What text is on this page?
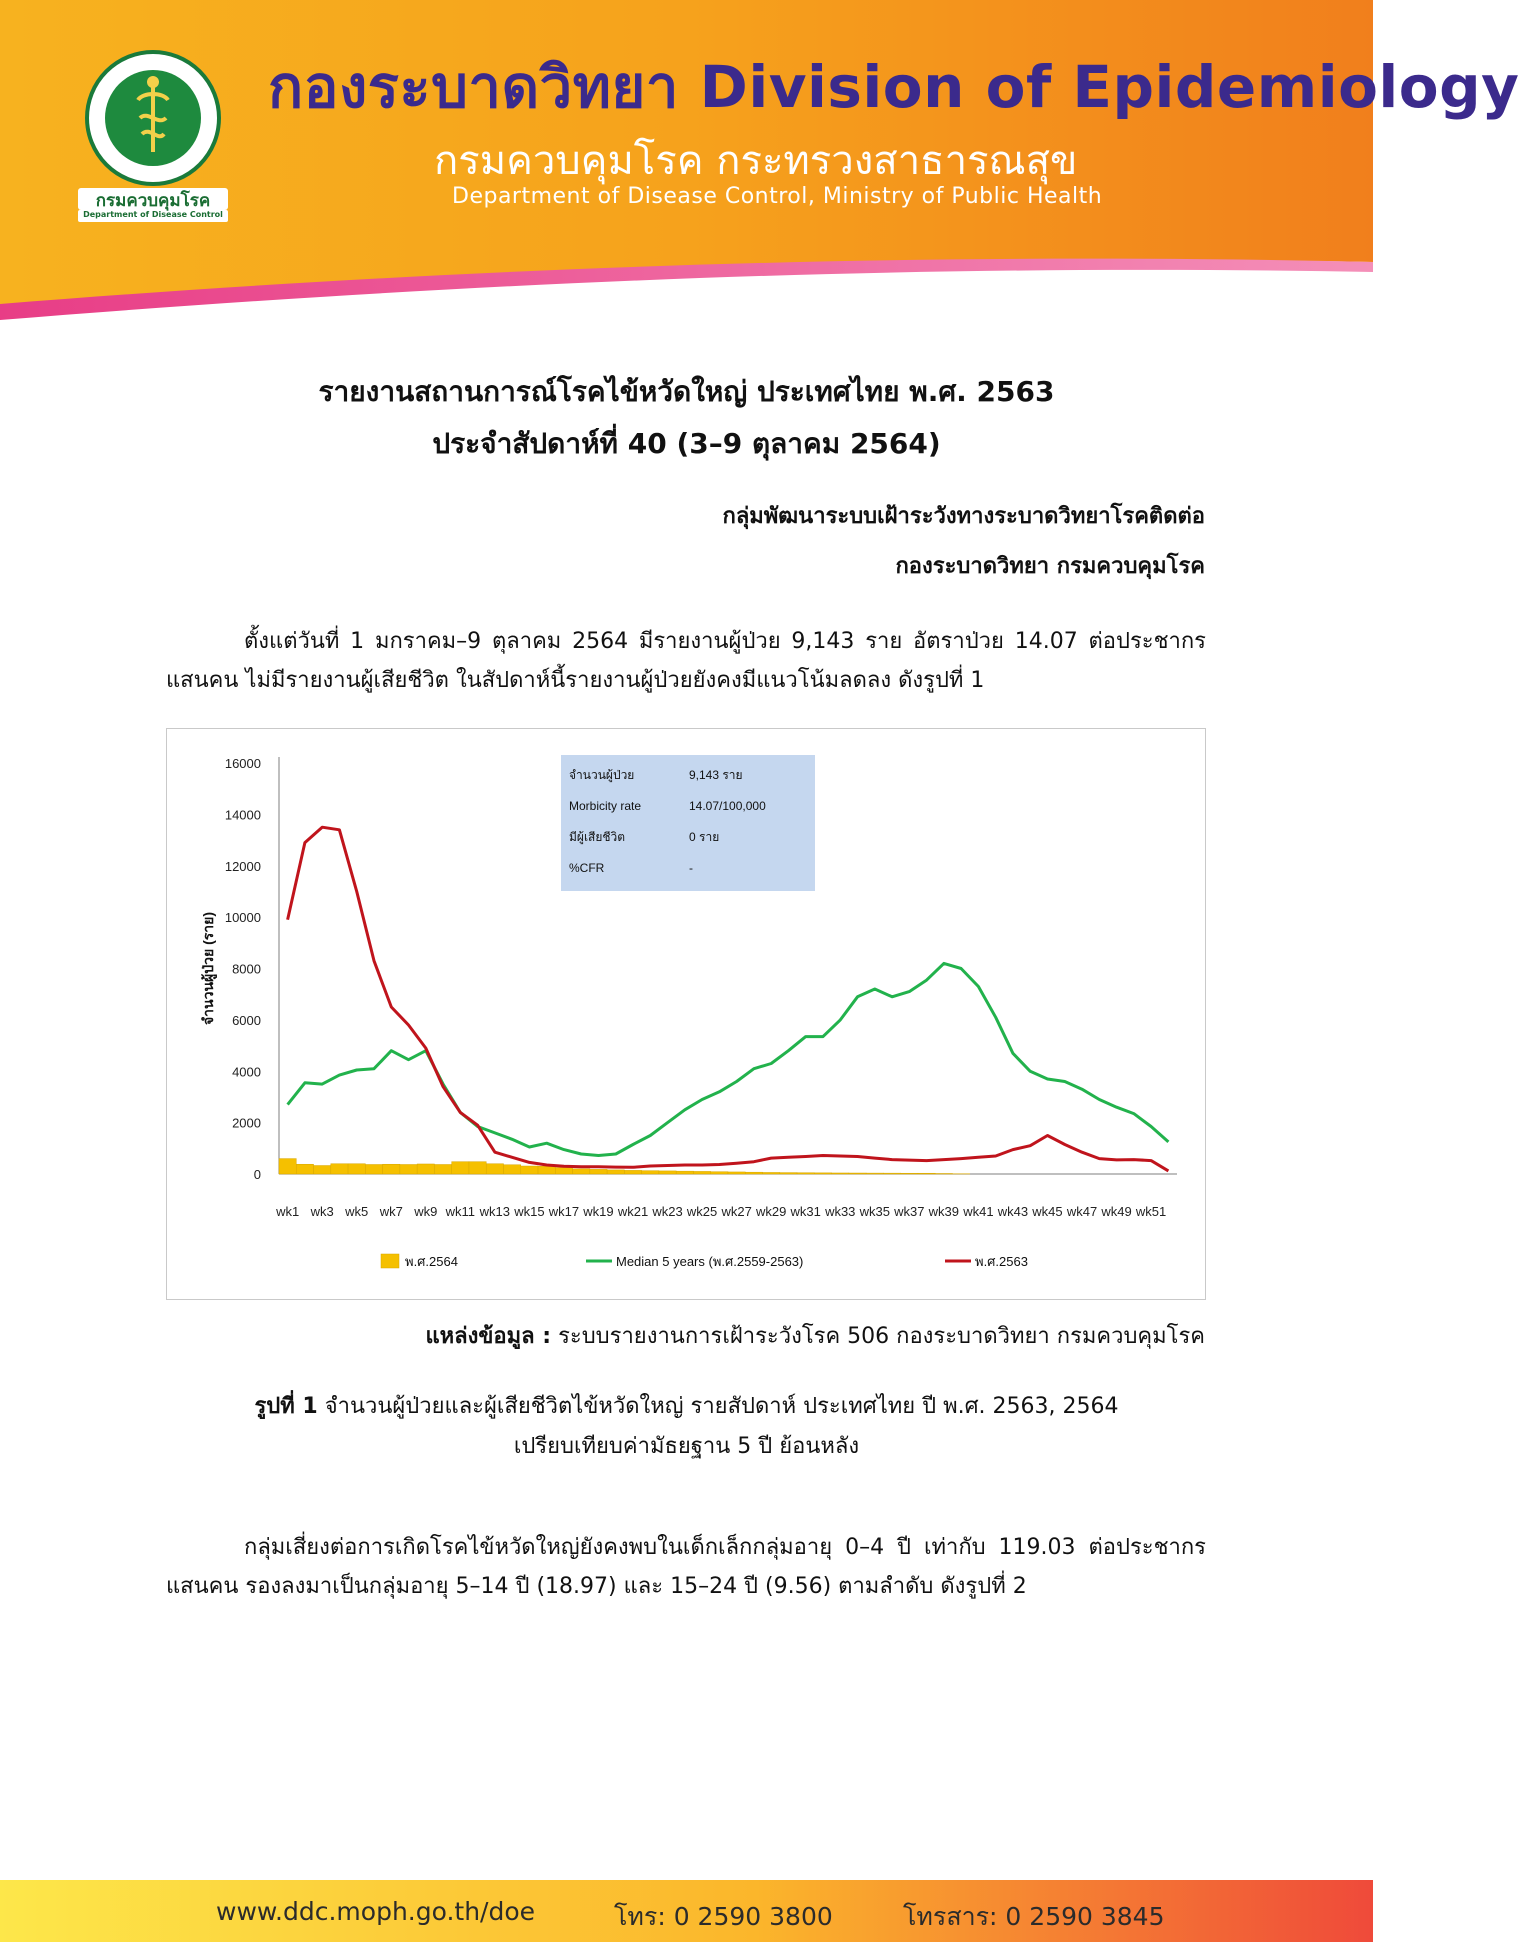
กรมควบคุมโรค
Department of Disease Control
กองระบาดวิทยา Division of Epidemiology
กรมควบคุมโรค กระทรวงสาธารณสุข
Department of Disease Control, Ministry of Public Health
รายงานสถานการณ์โรคไข้หวัดใหญ่ ประเทศไทย พ.ศ. 2563
ประจำสัปดาห์ที่ 40 (3–9 ตุลาคม 2564)
กลุ่มพัฒนาระบบเฝ้าระวังทางระบาดวิทยาโรคติดต่อ
กองระบาดวิทยา กรมควบคุมโรค
ตั้งแต่วันที่ 1 มกราคม–9 ตุลาคม 2564 มีรายงานผู้ป่วย 9,143 ราย อัตราป่วย 14.07 ต่อประชากรแสนคน ไม่มีรายงานผู้เสียชีวิต ในสัปดาห์นี้รายงานผู้ป่วยยังคงมีแนวโน้มลดลง ดังรูปที่ 1
16000
14000
12000
10000
8000
6000
4000
2000
0
จำนวนผู้ป่วย (ราย)
wk1 wk3 wk5 wk7 wk9 wk11 wk13 wk15 wk17 wk19 wk21 wk23 wk25 wk27 wk29 wk31 wk33 wk35 wk37 wk39 wk41 wk43 wk45 wk47 wk49 wk51
จำนวนผู้ป่วย	9,143 ราย
Morbicity rate	14.07/100,000
มีผู้เสียชีวิต	0 ราย
%CFR	-
พ.ศ.2564	Median 5 years (พ.ศ.2559-2563)	พ.ศ.2563
แหล่งข้อมูล : ระบบรายงานการเฝ้าระวังโรค 506 กองระบาดวิทยา กรมควบคุมโรค
รูปที่ 1 จำนวนผู้ป่วยและผู้เสียชีวิตไข้หวัดใหญ่ รายสัปดาห์ ประเทศไทย ปี พ.ศ. 2563, 2564
เปรียบเทียบค่ามัธยฐาน 5 ปี ย้อนหลัง
กลุ่มเสี่ยงต่อการเกิดโรคไข้หวัดใหญ่ยังคงพบในเด็กเล็กกลุ่มอายุ 0–4 ปี เท่ากับ 119.03 ต่อประชากรแสนคน รองลงมาเป็นกลุ่มอายุ 5–14 ปี (18.97) และ 15–24 ปี (9.56) ตามลำดับ ดังรูปที่ 2
www.ddc.moph.go.th/doe	โทร: 0 2590 3800	โทรสาร: 0 2590 3845
